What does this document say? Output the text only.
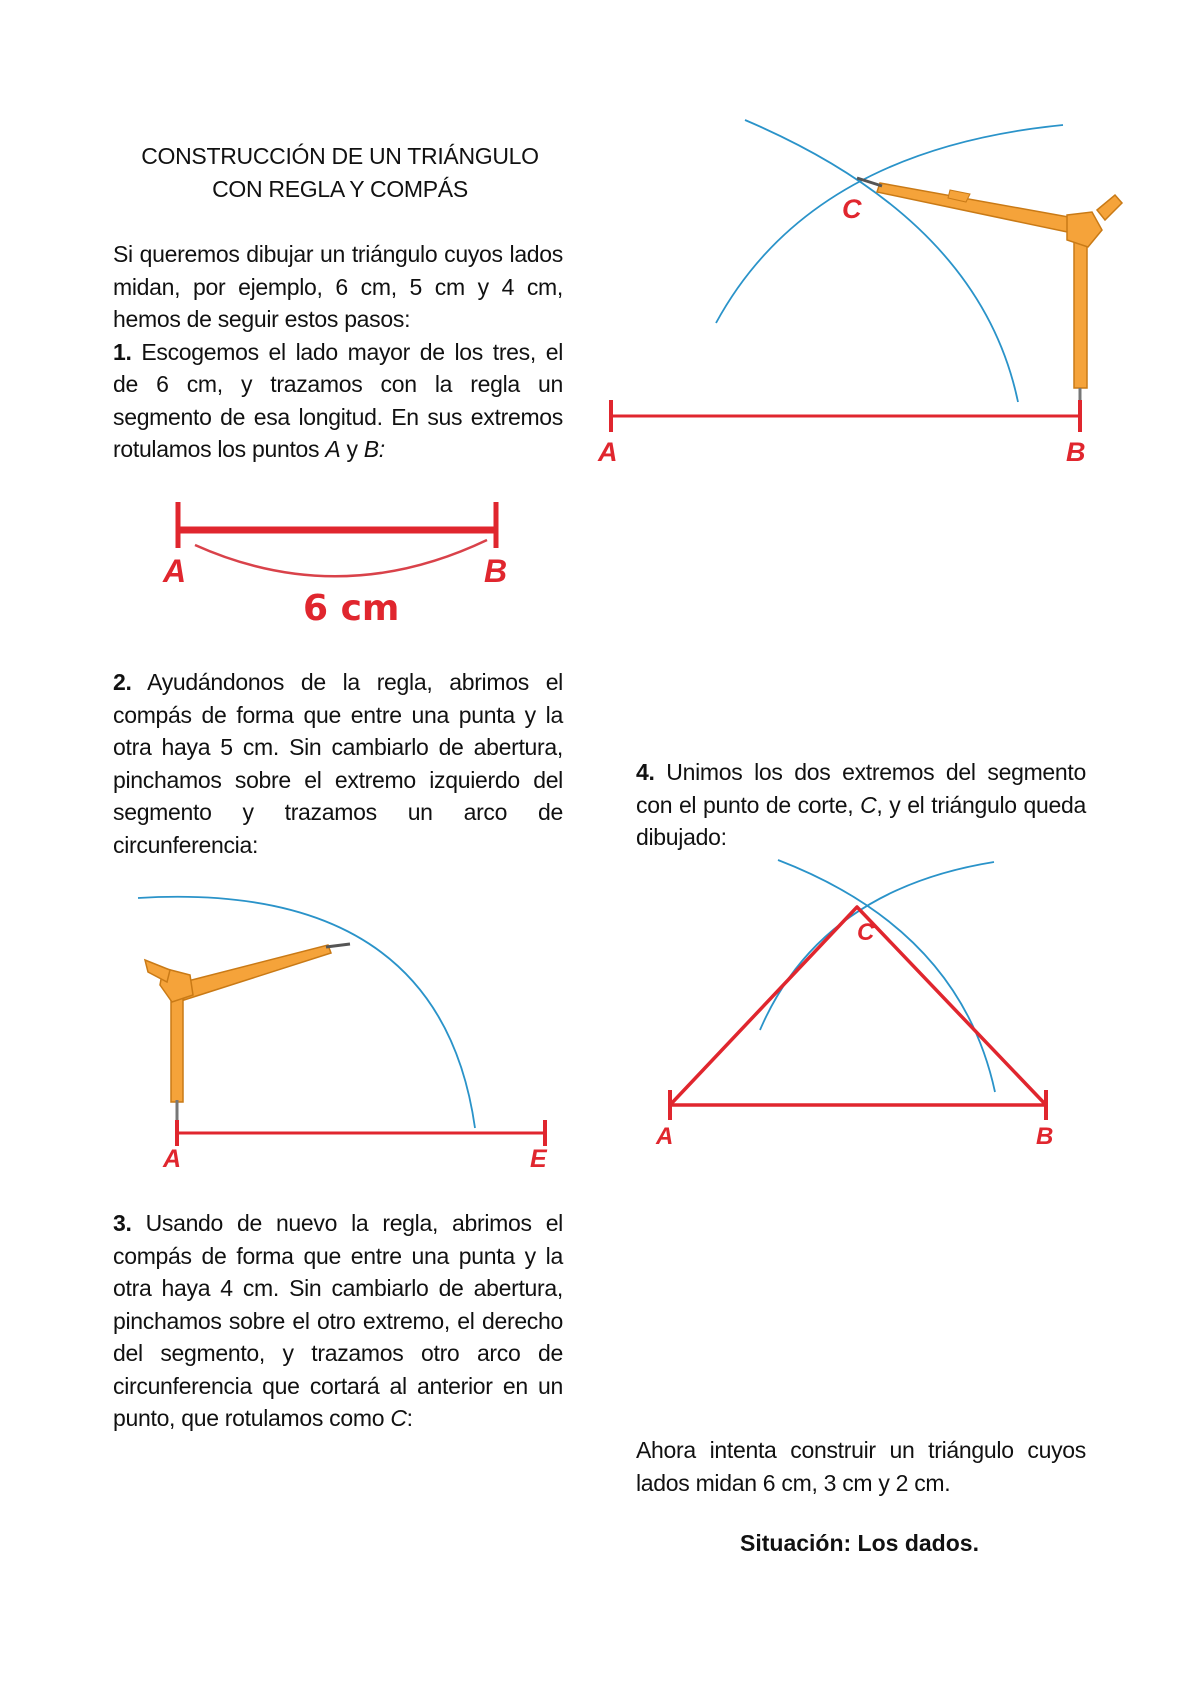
CONSTRUCCIÓN DE UN TRIÁNGULO
CON REGLA Y COMPÁS
Si queremos dibujar un triángulo cuyos lados midan, por ejemplo, 6 cm, 5 cm y 4 cm, hemos de seguir estos pasos:
1. Escogemos el lado mayor de los tres, el de 6 cm, y trazamos con la regla un segmento de esa longitud. En sus extremos rotulamos los puntos A y B:
2. Ayudándonos de la regla, abrimos el compás de forma que entre una punta y la otra haya 5 cm. Sin cambiarlo de abertura, pinchamos sobre el extremo izquierdo del segmento y trazamos un arco de circunferencia:
3. Usando de nuevo la regla, abrimos el compás de forma que entre una punta y la otra haya 4 cm. Sin cambiarlo de abertura, pinchamos sobre el otro extremo, el derecho del segmento, y trazamos otro arco de circunferencia que cortará al anterior en un punto, que rotulamos como C:
4. Unimos los dos extremos del segmento con el punto de corte, C, y el triángulo queda dibujado:
Ahora intenta construir un triángulo cuyos lados midan 6 cm, 3 cm y 2 cm.
Situación: Los dados.
A	B
6 cm
A	E
C
A	B
C
A	B
